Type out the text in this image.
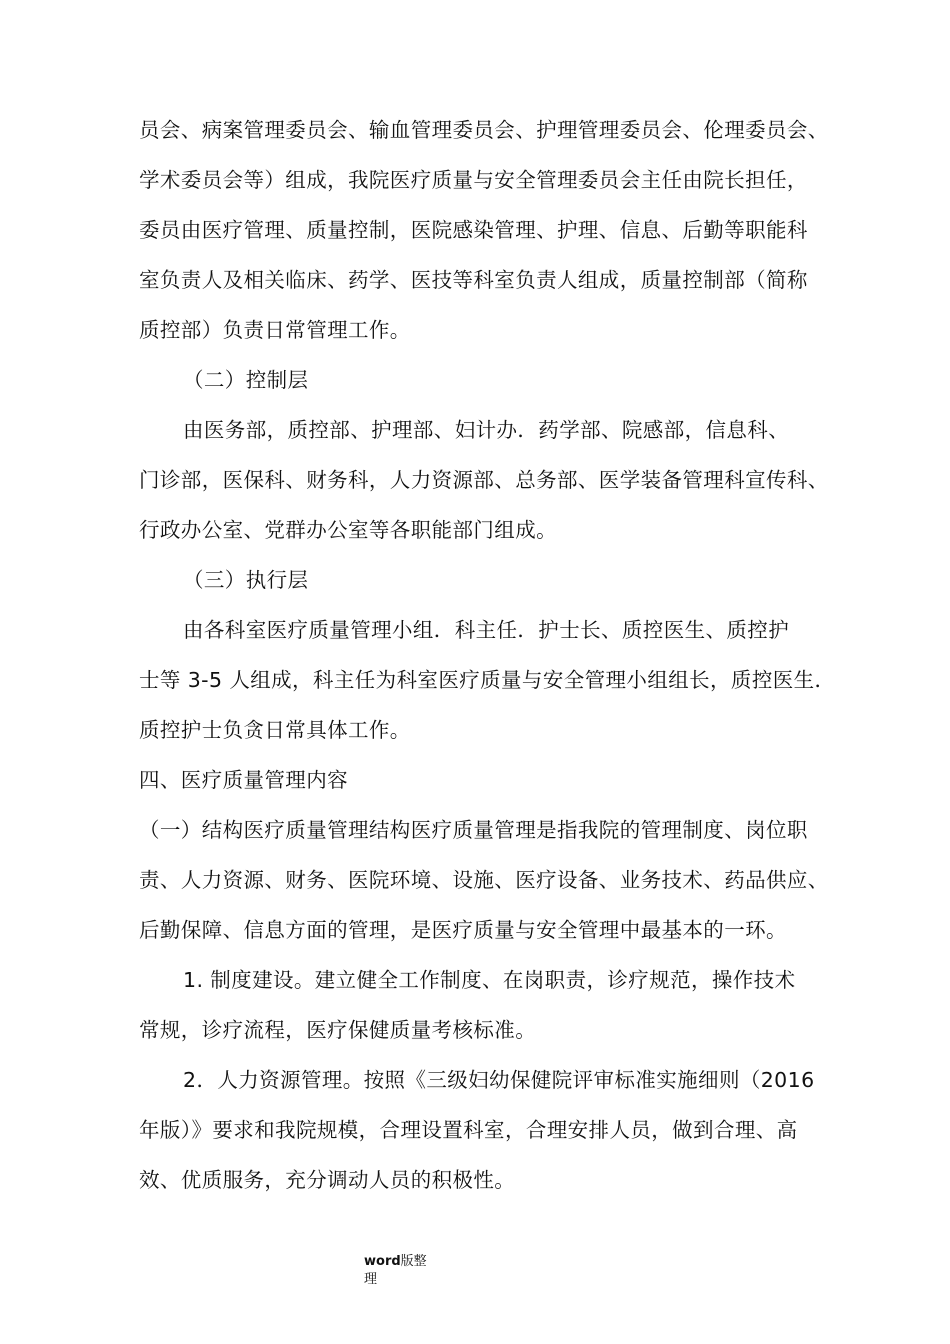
员会、病案管理委员会、输血管理委员会、护理管理委员会、伦理委员会、
学术委员会等）组成，我院医疗质量与安全管理委员会主任由院长担任，
委员由医疗管理、质量控制，医院感染管理、护理、信息、后勤等职能科
室负责人及相关临床、药学、医技等科室负责人组成，质量控制部（简称
质控部）负责日常管理工作。
（二）控制层
由医务部，质控部、护理部、妇计办．药学部、院感部，信息科、
门诊部，医保科、财务科，人力资源部、总务部、医学装备管理科宣传科、
行政办公室、党群办公室等各职能部门组成。
（三）执行层
由各科室医疗质量管理小组．科主任．护士长、质控医生、质控护
士等 3-5 人组成，科主任为科室医疗质量与安全管理小组组长，质控医生．
质控护士负贪日常具体工作。
四、医疗质量管理内容
（一）结构医疗质量管理结构医疗质量管理是指我院的管理制度、岗位职
责、人力资源、财务、医院环境、设施、医疗设备、业务技术、药品供应、
后勤保障、信息方面的管理，是医疗质量与安全管理中最基本的一环。
1. 制度建设。建立健全工作制度、在岗职责，诊疗规范，操作技术
常规，诊疗流程，医疗保健质量考核标准。
2．人力资源管理。按照《三级妇幼保健院评审标准实施细则（2016
年版）》要求和我院规模，合理设置科室，合理安排人员，做到合理、高
效、优质服务，充分调动人员的积极性。
word版整
理
